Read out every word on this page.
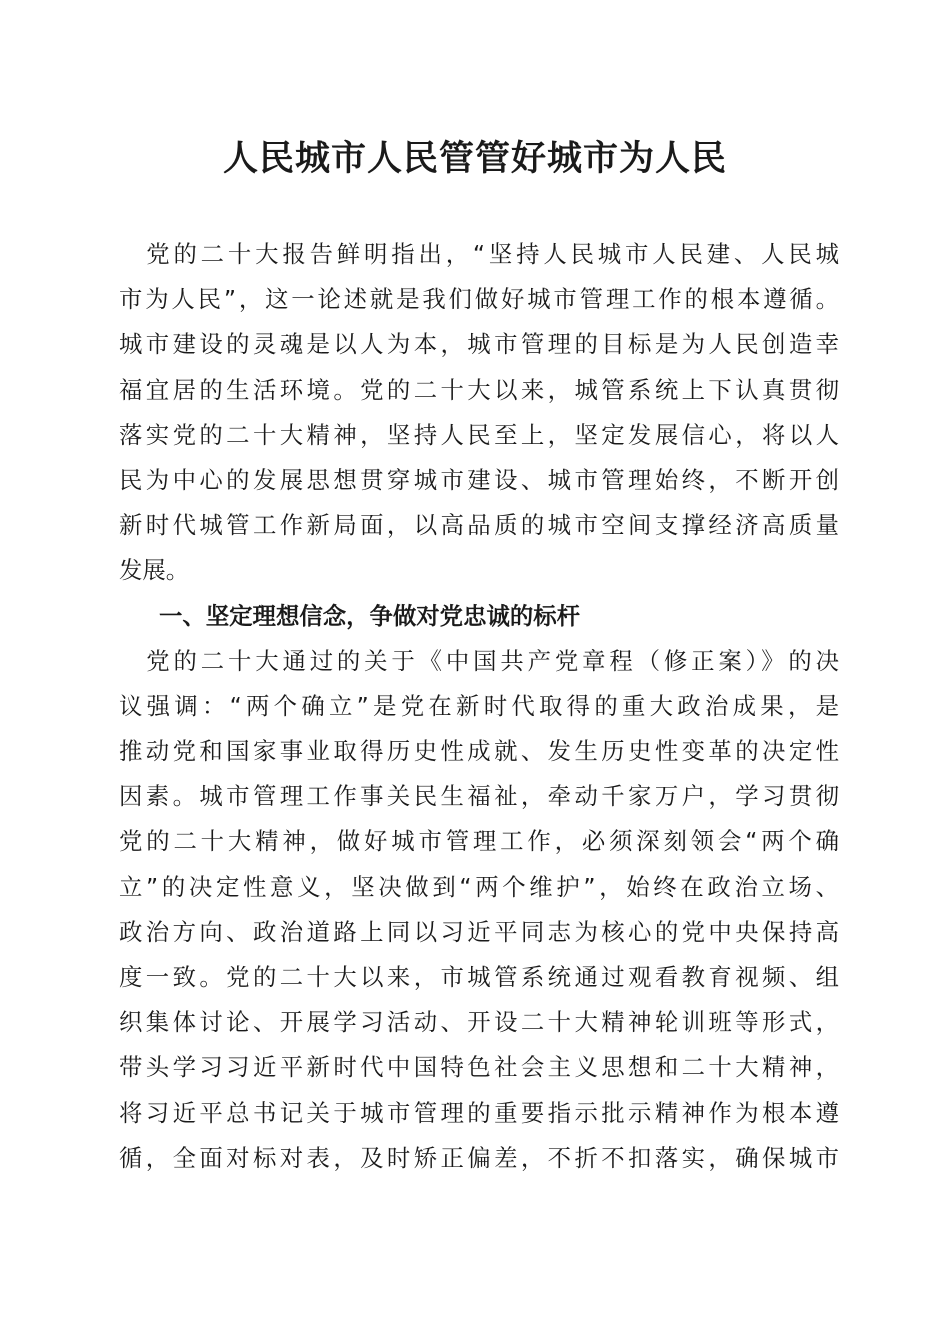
人民城市人民管管好城市为人民
　党的二十大报告鲜明指出，“坚持人民城市人民建、人民城
市为人民”，这一论述就是我们做好城市管理工作的根本遵循。
城市建设的灵魂是以人为本，城市管理的目标是为人民创造幸
福宜居的生活环境。党的二十大以来，城管系统上下认真贯彻
落实党的二十大精神，坚持人民至上，坚定发展信心，将以人
民为中心的发展思想贯穿城市建设、城市管理始终，不断开创
新时代城管工作新局面，以高品质的城市空间支撑经济高质量
发展。
一、坚定理想信念，争做对党忠诚的标杆
　党的二十大通过的关于《中国共产党章程（修正案）》的决
议强调：“两个确立”是党在新时代取得的重大政治成果，是
推动党和国家事业取得历史性成就、发生历史性变革的决定性
因素。城市管理工作事关民生福祉，牵动千家万户，学习贯彻
党的二十大精神，做好城市管理工作，必须深刻领会“两个确
立”的决定性意义，坚决做到“两个维护”，始终在政治立场、
政治方向、政治道路上同以习近平同志为核心的党中央保持高
度一致。党的二十大以来，市城管系统通过观看教育视频、组
织集体讨论、开展学习活动、开设二十大精神轮训班等形式，
带头学习习近平新时代中国特色社会主义思想和二十大精神，
将习近平总书记关于城市管理的重要指示批示精神作为根本遵
循，全面对标对表，及时矫正偏差，不折不扣落实，确保城市
